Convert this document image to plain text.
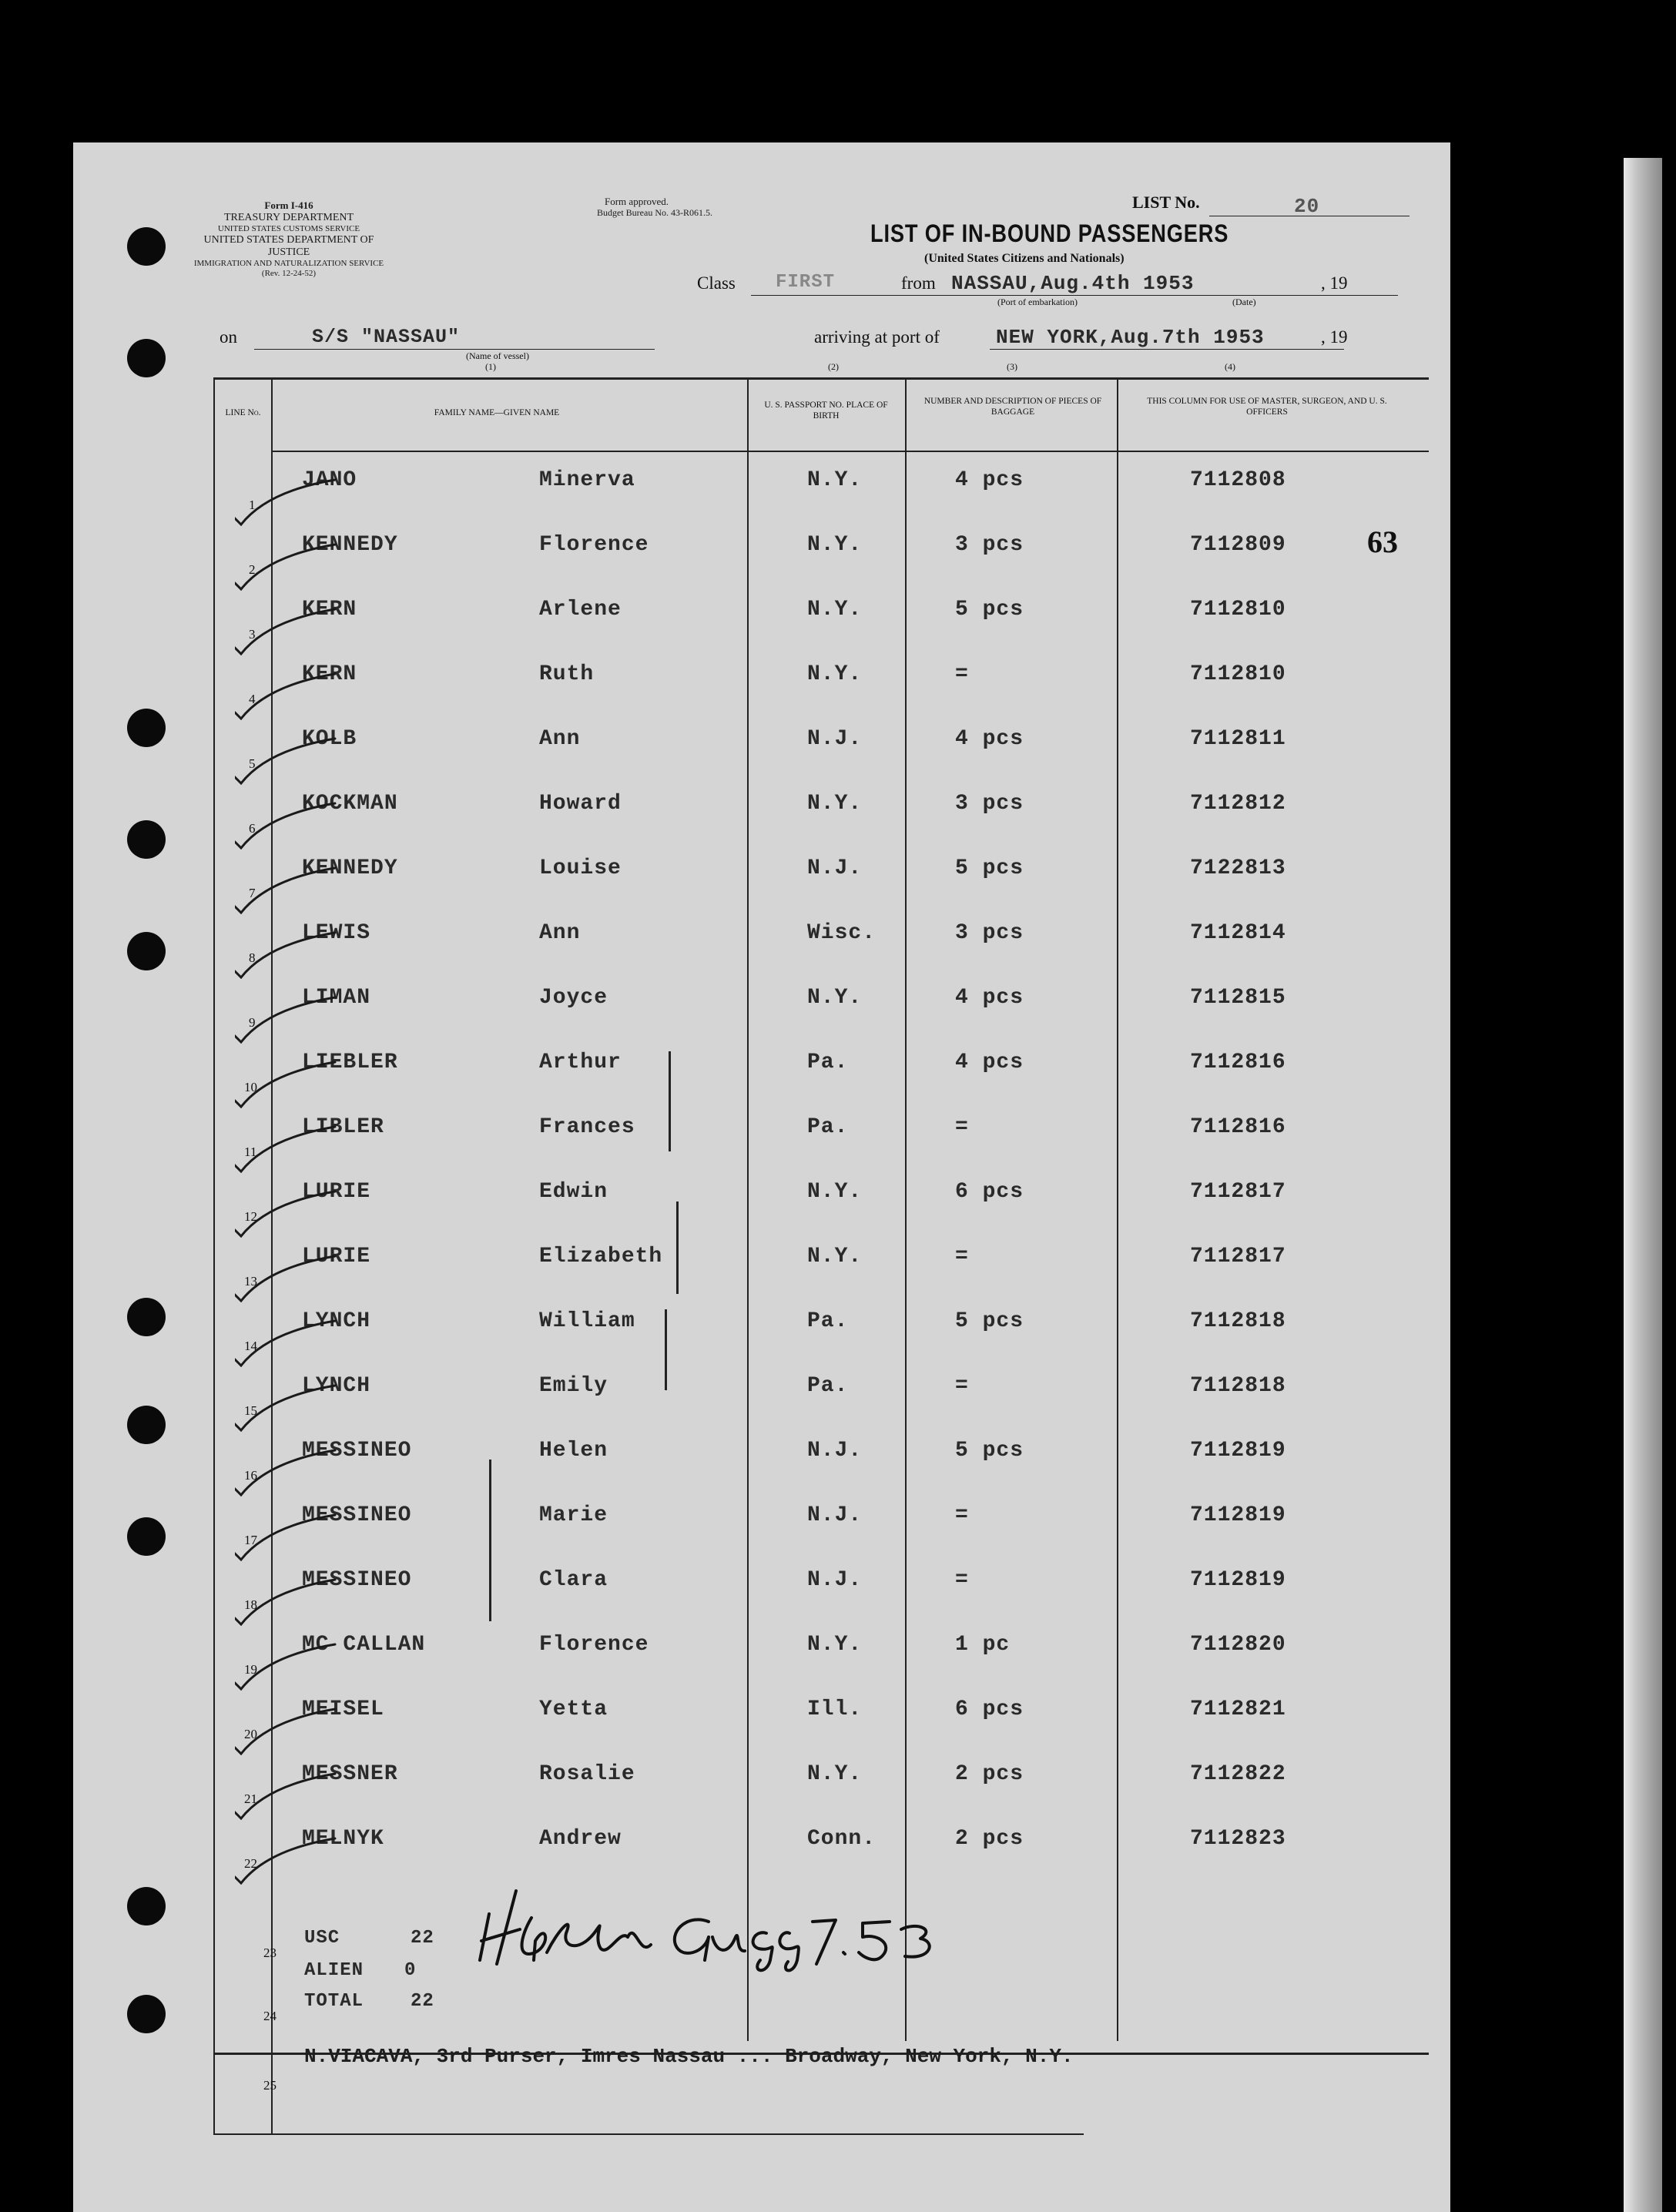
Form I-416
TREASURY DEPARTMENT
UNITED STATES CUSTOMS SERVICE
UNITED STATES DEPARTMENT OF JUSTICE
IMMIGRATION AND NATURALIZATION SERVICE
(Rev. 12-24-52)
Form approved.
Budget Bureau No. 43-R061.5.
LIST No.	20
LIST OF IN-BOUND PASSENGERS
(United States Citizens and Nationals)
Class FIRST	from NASSAU,Aug.4th 1953	, 19
(Port of embarkation)	(Date)
on	S/S "NASSAU"
(Name of vessel)
(1)
arriving at port of	NEW YORK,Aug.7th 1953	, 19
(2)	(3)	(4)
LINE No.	FAMILY NAME—GIVEN NAME
U. S. PASSPORT NO. PLACE OF BIRTH
NUMBER AND DESCRIPTION OF PIECES OF BAGGAGE
THIS COLUMN FOR USE OF MASTER, SURGEON, AND U. S. OFFICERS
63
1
JANO	Minerva	N.Y.	4 pcs	7112808
2
KENNEDY	Florence	N.Y.	3 pcs	7112809
3
KERN	Arlene	N.Y.	5 pcs	7112810
4
KERN	Ruth	N.Y.	=	7112810
5
KOLB	Ann	N.J.	4 pcs	7112811
6
KOCKMAN	Howard	N.Y.	3 pcs	7112812
7
KENNEDY	Louise	N.J.	5 pcs	7122813
8
LEWIS	Ann	Wisc.	3 pcs	7112814
9
LIMAN	Joyce	N.Y.	4 pcs	7112815
10
LIEBLER	Arthur	Pa.	4 pcs	7112816
11
LIBLER	Frances	Pa.	=	7112816
12
LURIE	Edwin	N.Y.	6 pcs	7112817
13
LURIE	Elizabeth	N.Y.	=	7112817
14
LYNCH	William	Pa.	5 pcs	7112818
15
LYNCH	Emily	Pa.	=	7112818
16
MESSINEO	Helen	N.J.	5 pcs	7112819
17
MESSINEO	Marie	N.J.	=	7112819
18
MESSINEO	Clara	N.J.	=	7112819
19
MC CALLAN	Florence	N.Y.	1 pc	7112820
20
MEISEL	Yetta	Ill.	6 pcs	7112821
21
MESSNER	Rosalie	N.Y.	2 pcs	7112822
22
MELNYK	Andrew	Conn.	2 pcs	7112823
23
24
25
USC	22
ALIEN 0
TOTAL	22
N.VIACAVA, 3rd Purser, Imres Nassau ... Broadway, New York, N.Y.
